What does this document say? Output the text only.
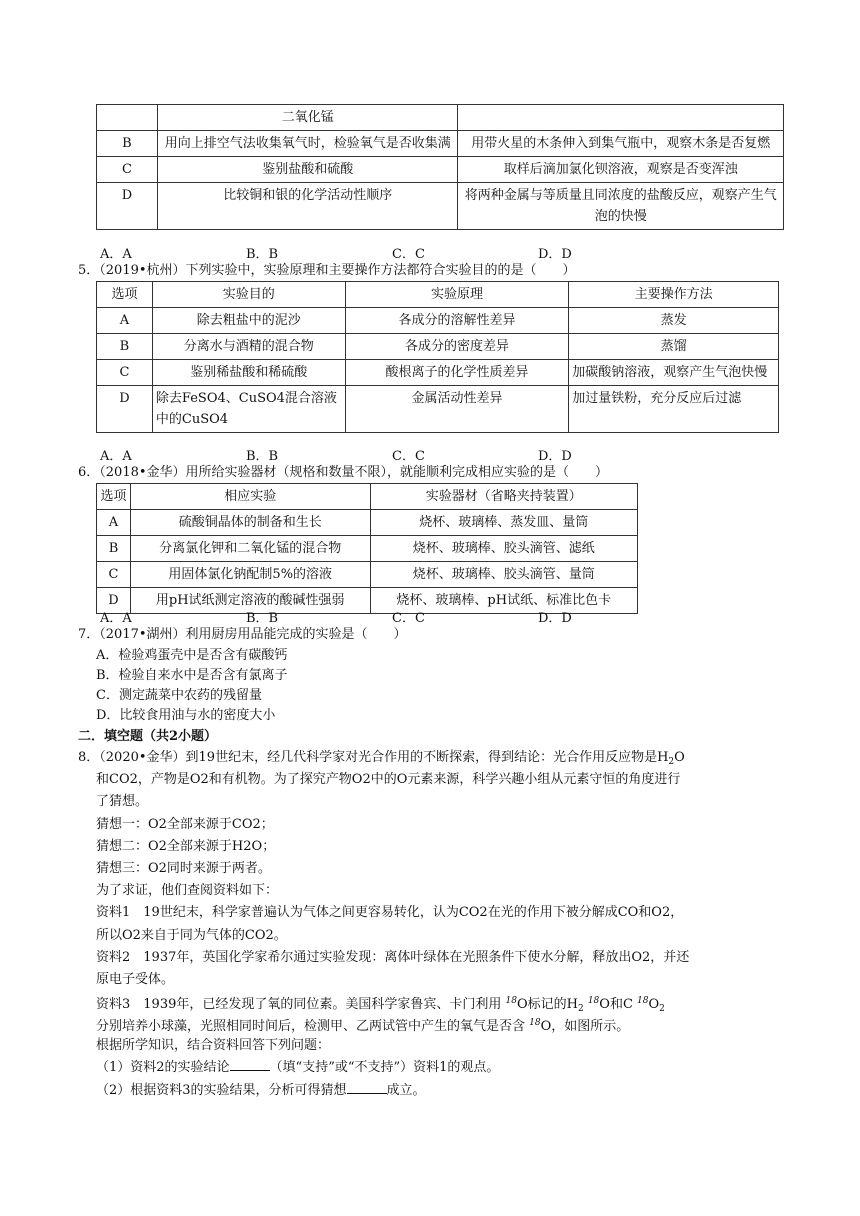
	二氧化锰	
B	用向上排空气法收集氧气时，检验氧气是否收集满	用带火星的木条伸入到集气瓶中，观察木条是否复燃
C	鉴别盐酸和硫酸	取样后滴加氯化钡溶液，观察是否变浑浊
D	比较铜和银的化学活动性顺序	将两种金属与等质量且同浓度的盐酸反应，观察产生气泡的快慢
A．A	B．B	C．C	D．D
5．（2019•杭州）下列实验中，实验原理和主要操作方法都符合实验目的的是（　　）
选项	实验目的	实验原理	主要操作方法
A	除去粗盐中的泥沙	各成分的溶解性差异	蒸发
B	分离水与酒精的混合物	各成分的密度差异	蒸馏
C	鉴别稀盐酸和稀硫酸	酸根离子的化学性质差异	加碳酸钠溶液，观察产生气泡快慢
D	除去FeSO4、CuSO4混合溶液中的CuSO4	金属活动性差异	加过量铁粉，充分反应后过滤
A．A	B．B	C．C	D．D
6．（2018•金华）用所给实验器材（规格和数量不限），就能顺利完成相应实验的是（　　）
选项	相应实验	实验器材（省略夹持装置）
A	硫酸铜晶体的制备和生长	烧杯、玻璃棒、蒸发皿、量筒
B	分离氯化钾和二氧化锰的混合物	烧杯、玻璃棒、胶头滴管、滤纸
C	用固体氯化钠配制5%的溶液	烧杯、玻璃棒、胶头滴管、量筒
D	用pH试纸测定溶液的酸碱性强弱	烧杯、玻璃棒、pH试纸、标准比色卡
A．A	B．B	C．C	D．D
7．（2017•湖州）利用厨房用品能完成的实验是（　　）
A．检验鸡蛋壳中是否含有碳酸钙
B．检验自来水中是否含有氯离子
C．测定蔬菜中农药的残留量
D．比较食用油与水的密度大小
二．填空题（共2小题）
8．（2020•金华）到19世纪末，经几代科学家对光合作用的不断探索，得到结论：光合作用反应物是$H_2O$
和CO2，产物是O2和有机物。为了探究产物O2中的O元素来源，科学兴趣小组从元素守恒的角度进行
了猜想。
猜想一：O2全部来源于CO2；
猜想二：O2全部来源于H2O；
猜想三：O2同时来源于两者。
为了求证，他们查阅资料如下：
资料1　19世纪末，科学家普遍认为气体之间更容易转化，认为CO2在光的作用下被分解成CO和O2，
所以O2来自于同为气体的CO2。
资料2　1937年，英国化学家希尔通过实验发现：离体叶绿体在光照条件下使水分解，释放出O2，并还
原电子受体。
资料3　1939年，已经发现了氧的同位素。美国科学家鲁宾、卡门利用 $^{18}$O标记的$H_2$ $^{18}$O和C $^{18}O_2$
分别培养小球藻，光照相同时间后，检测甲、乙两试管中产生的氧气是否含 $^{18}$O，如图所示。
根据所学知识，结合资料回答下列问题：
（1）资料2的实验结论	（填“支持”或“不支持”）资料1的观点。
（2）根据资料3的实验结果，分析可得猜想	成立。
